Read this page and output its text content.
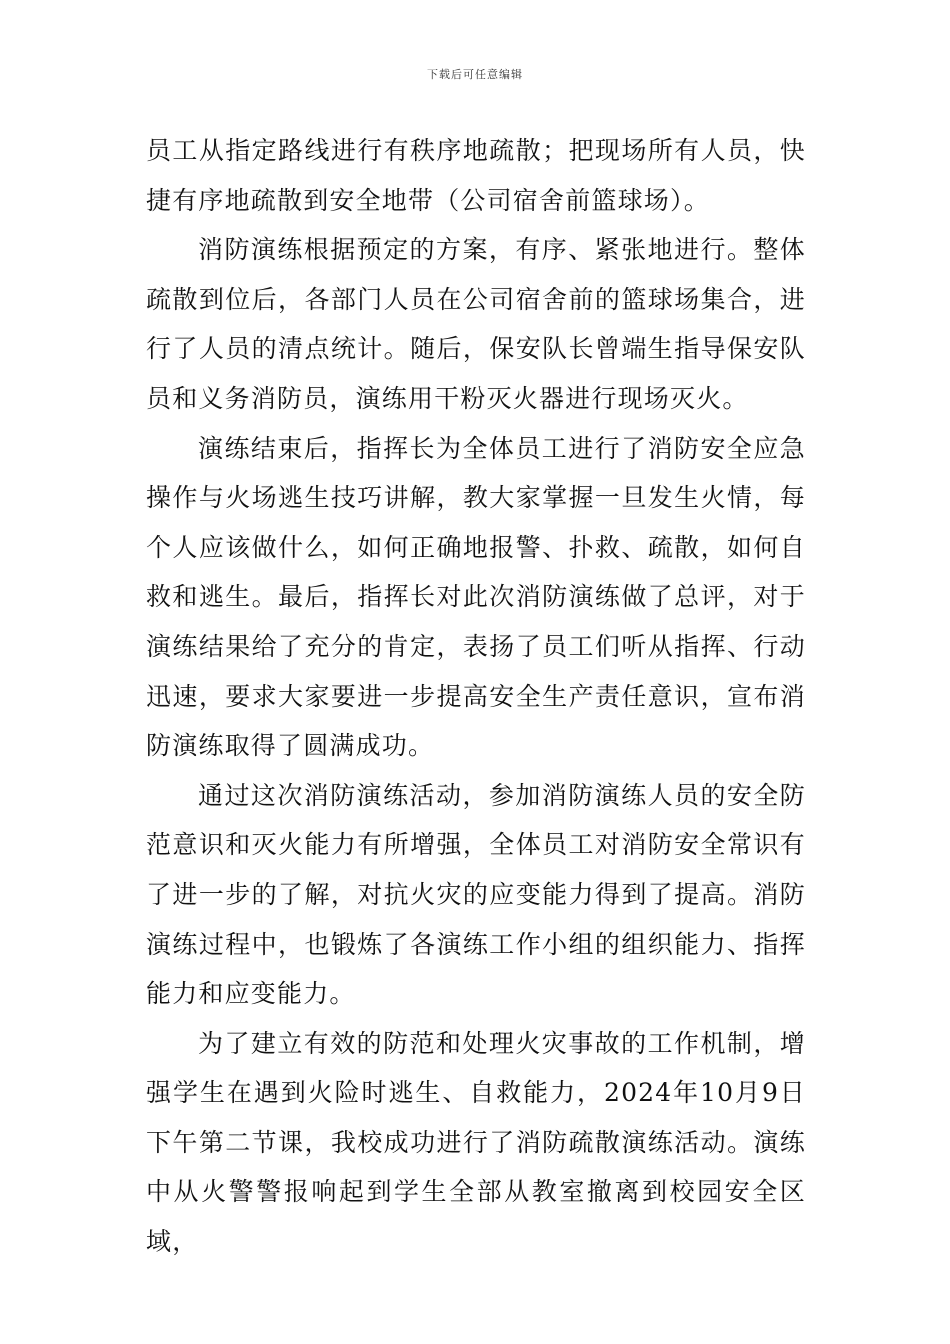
下载后可任意编辑

员工从指定路线进行有秩序地疏散；把现场所有人员，快捷有序地疏散到安全地带（公司宿舍前篮球场）。

消防演练根据预定的方案，有序、紧张地进行。整体疏散到位后，各部门人员在公司宿舍前的篮球场集合，进行了人员的清点统计。随后，保安队长曾端生指导保安队员和义务消防员，演练用干粉灭火器进行现场灭火。

演练结束后，指挥长为全体员工进行了消防安全应急操作与火场逃生技巧讲解，教大家掌握一旦发生火情，每个人应该做什么，如何正确地报警、扑救、疏散，如何自救和逃生。最后，指挥长对此次消防演练做了总评，对于演练结果给了充分的肯定，表扬了员工们听从指挥、行动迅速，要求大家要进一步提高安全生产责任意识，宣布消防演练取得了圆满成功。

通过这次消防演练活动，参加消防演练人员的安全防范意识和灭火能力有所增强，全体员工对消防安全常识有了进一步的了解，对抗火灾的应变能力得到了提高。消防演练过程中，也锻炼了各演练工作小组的组织能力、指挥能力和应变能力。

为了建立有效的防范和处理火灾事故的工作机制，增强学生在遇到火险时逃生、自救能力，2024年10月9日下午第二节课，我校成功进行了消防疏散演练活动。演练中从火警警报响起到学生全部从教室撤离到校园安全区域，
